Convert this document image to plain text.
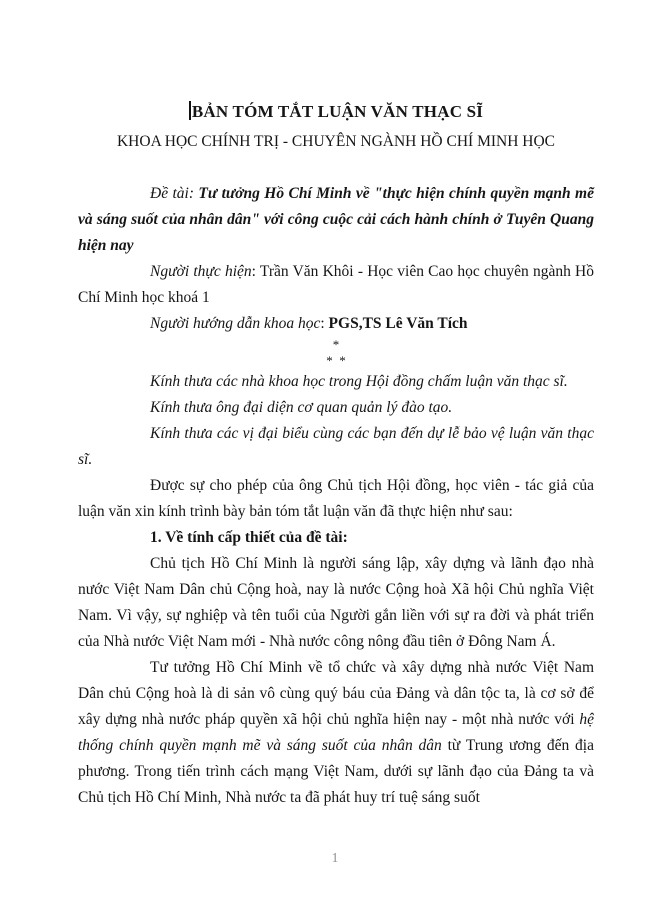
BẢN TÓM TẮT LUẬN VĂN THẠC SĨ
KHOA HỌC CHÍNH TRỊ - CHUYÊN NGÀNH HỒ CHÍ MINH HỌC

Đề tài: Tư tưởng Hồ Chí Minh về "thực hiện chính quyền mạnh mẽ và sáng suốt của nhân dân" với công cuộc cải cách hành chính ở Tuyên Quang hiện nay

Người thực hiện: Trần Văn Khôi - Học viên Cao học chuyên ngành Hồ Chí Minh học khoá 1

Người hướng dẫn khoa học: PGS,TS Lê Văn Tích

*

*  *

Kính thưa các nhà khoa học trong Hội đồng chấm luận văn thạc sĩ.

Kính thưa ông đại diện cơ quan quản lý đào tạo.

Kính thưa các vị đại biểu cùng các bạn đến dự lễ bảo vệ luận văn thạc sĩ.

Được sự cho phép của ông Chủ tịch Hội đồng, học viên - tác giả của luận văn xin kính trình bày bản tóm tắt luận văn đã thực hiện như sau:

1. Về tính cấp thiết của đề tài:

Chủ tịch Hồ Chí Minh là người sáng lập, xây dựng và lãnh đạo nhà nước Việt Nam Dân chủ Cộng hoà, nay là nước Cộng hoà Xã hội Chủ nghĩa Việt Nam. Vì vậy, sự nghiệp và tên tuổi của Người gắn liền với sự ra đời và phát triển của Nhà nước Việt Nam mới - Nhà nước công nông đầu tiên ở Đông Nam Á.

Tư tưởng Hồ Chí Minh về tổ chức và xây dựng nhà nước Việt Nam Dân chủ Cộng hoà là di sản vô cùng quý báu của Đảng và dân tộc ta, là cơ sở để xây dựng nhà nước pháp quyền xã hội chủ nghĩa hiện nay - một nhà nước với hệ thống chính quyền mạnh mẽ và sáng suốt của nhân dân từ Trung ương đến địa phương. Trong tiến trình cách mạng Việt Nam, dưới sự lãnh đạo của Đảng ta và Chủ tịch Hồ Chí Minh, Nhà nước ta đã phát huy trí tuệ sáng suốt

1
